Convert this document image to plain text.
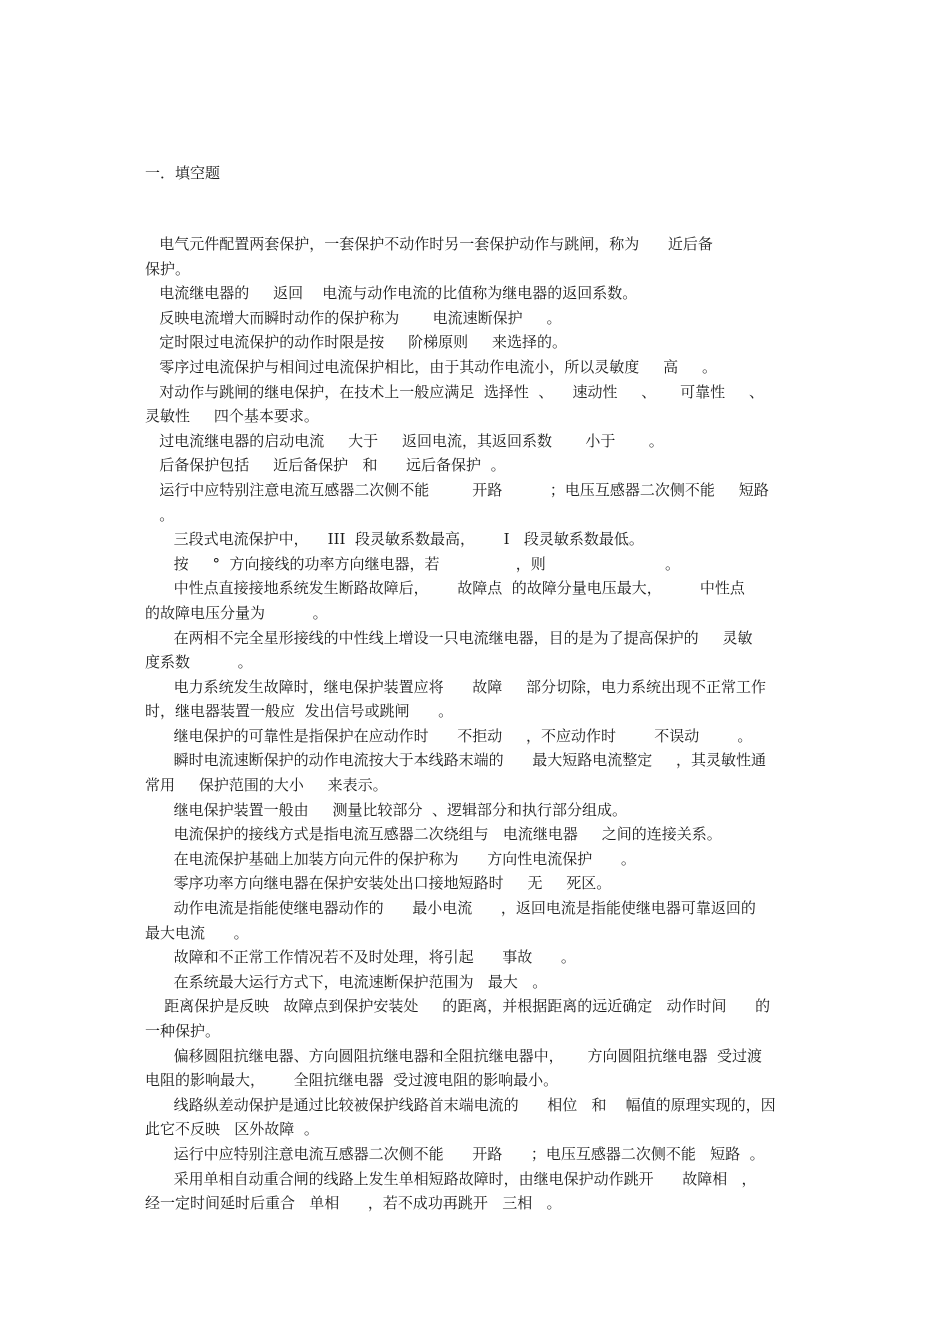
一．填空题
电气元件配置两套保护，一套保护不动作时另一套保护动作与跳闸，称为      近后备
保护。
电流继电器的     返回    电流与动作电流的比值称为继电器的返回系数。
反映电流增大而瞬时动作的保护称为       电流速断保护     。
定时限过电流保护的动作时限是按     阶梯原则     来选择的。
零序过电流保护与相间过电流保护相比，由于其动作电流小，所以灵敏度     高     。
对动作与跳闸的继电保护，在技术上一般应满足  选择性  、    速动性     、     可靠性     、
灵敏性     四个基本要求。
过电流继电器的启动电流     大于     返回电流，其返回系数       小于       。
后备保护包括     近后备保护   和      远后备保护  。
运行中应特别注意电流互感器二次侧不能         开路          ；电压互感器二次侧不能     短路
。
三段式电流保护中，    III  段灵敏系数最高，      I   段灵敏系数最低。
按     °  方向接线的功率方向继电器，若                ，则                         。
中性点直接接地系统发生断路故障后，      故障点  的故障分量电压最大，        中性点
的故障电压分量为          。
在两相不完全星形接线的中性线上增设一只电流继电器，目的是为了提高保护的     灵敏
度系数          。
电力系统发生故障时，继电保护装置应将      故障     部分切除，电力系统出现不正常工作
时，继电器装置一般应  发出信号或跳闸      。
继电保护的可靠性是指保护在应动作时      不拒动     ，不应动作时        不误动        。
瞬时电流速断保护的动作电流按大于本线路末端的      最大短路电流整定     ，其灵敏性通
常用     保护范围的大小     来表示。
继电保护装置一般由     测量比较部分  、逻辑部分和执行部分组成。
电流保护的接线方式是指电流互感器二次绕组与   电流继电器     之间的连接关系。
在电流保护基础上加装方向元件的保护称为      方向性电流保护      。
零序功率方向继电器在保护安装处出口接地短路时     无     死区。
动作电流是指能使继电器动作的      最小电流      ，返回电流是指能使继电器可靠返回的
最大电流      。
故障和不正常工作情况若不及时处理，将引起      事故      。
在系统最大运行方式下，电流速断保护范围为   最大   。
距离保护是反映   故障点到保护安装处     的距离，并根据距离的远近确定   动作时间      的
一种保护。
偏移圆阻抗继电器、方向圆阻抗继电器和全阻抗继电器中，     方向圆阻抗继电器  受过渡
电阻的影响最大，      全阻抗继电器  受过渡电阻的影响最小。
线路纵差动保护是通过比较被保护线路首末端电流的      相位   和    幅值的原理实现的，因
此它不反映   区外故障  。
运行中应特别注意电流互感器二次侧不能      开路      ；电压互感器二次侧不能   短路  。
采用单相自动重合闸的线路上发生单相短路故障时，由继电保护动作跳开      故障相   ，
经一定时间延时后重合   单相      ，若不成功再跳开   三相   。
